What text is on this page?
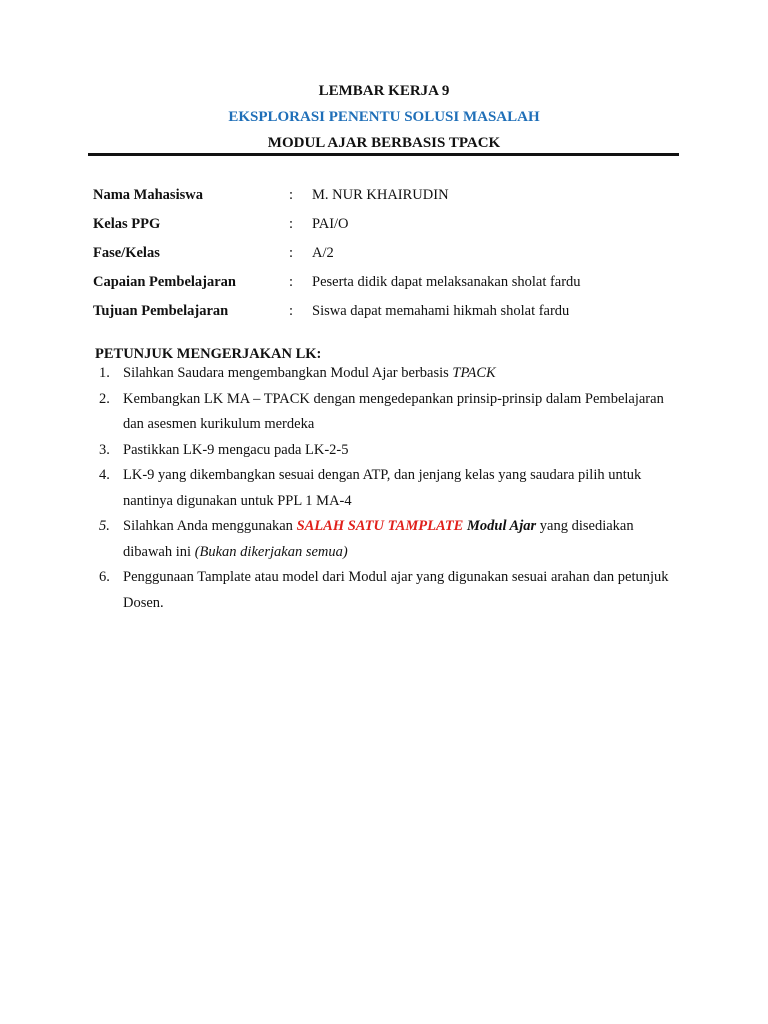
LEMBAR KERJA 9
EKSPLORASI PENENTU SOLUSI MASALAH
MODUL AJAR BERBASIS TPACK
Nama Mahasiswa	: M. NUR KHAIRUDIN
Kelas PPG	: PAI/O
Fase/Kelas	: A/2
Capaian Pembelajaran	: Peserta didik dapat melaksanakan sholat fardu
Tujuan Pembelajaran	: Siswa dapat memahami hikmah sholat fardu
PETUNJUK MENGERJAKAN LK:
1. Silahkan Saudara mengembangkan Modul Ajar berbasis TPACK
2. Kembangkan LK MA – TPACK dengan mengedepankan prinsip-prinsip dalam Pembelajaran dan asesmen kurikulum merdeka
3. Pastikkan LK-9 mengacu pada LK-2-5
4. LK-9 yang dikembangkan sesuai dengan ATP, dan jenjang kelas yang saudara pilih untuk nantinya digunakan untuk PPL 1 MA-4
5. Silahkan Anda menggunakan SALAH SATU TAMPLATE Modul Ajar yang disediakan dibawah ini (Bukan dikerjakan semua)
6. Penggunaan Tamplate atau model dari Modul ajar yang digunakan sesuai arahan dan petunjuk Dosen.
